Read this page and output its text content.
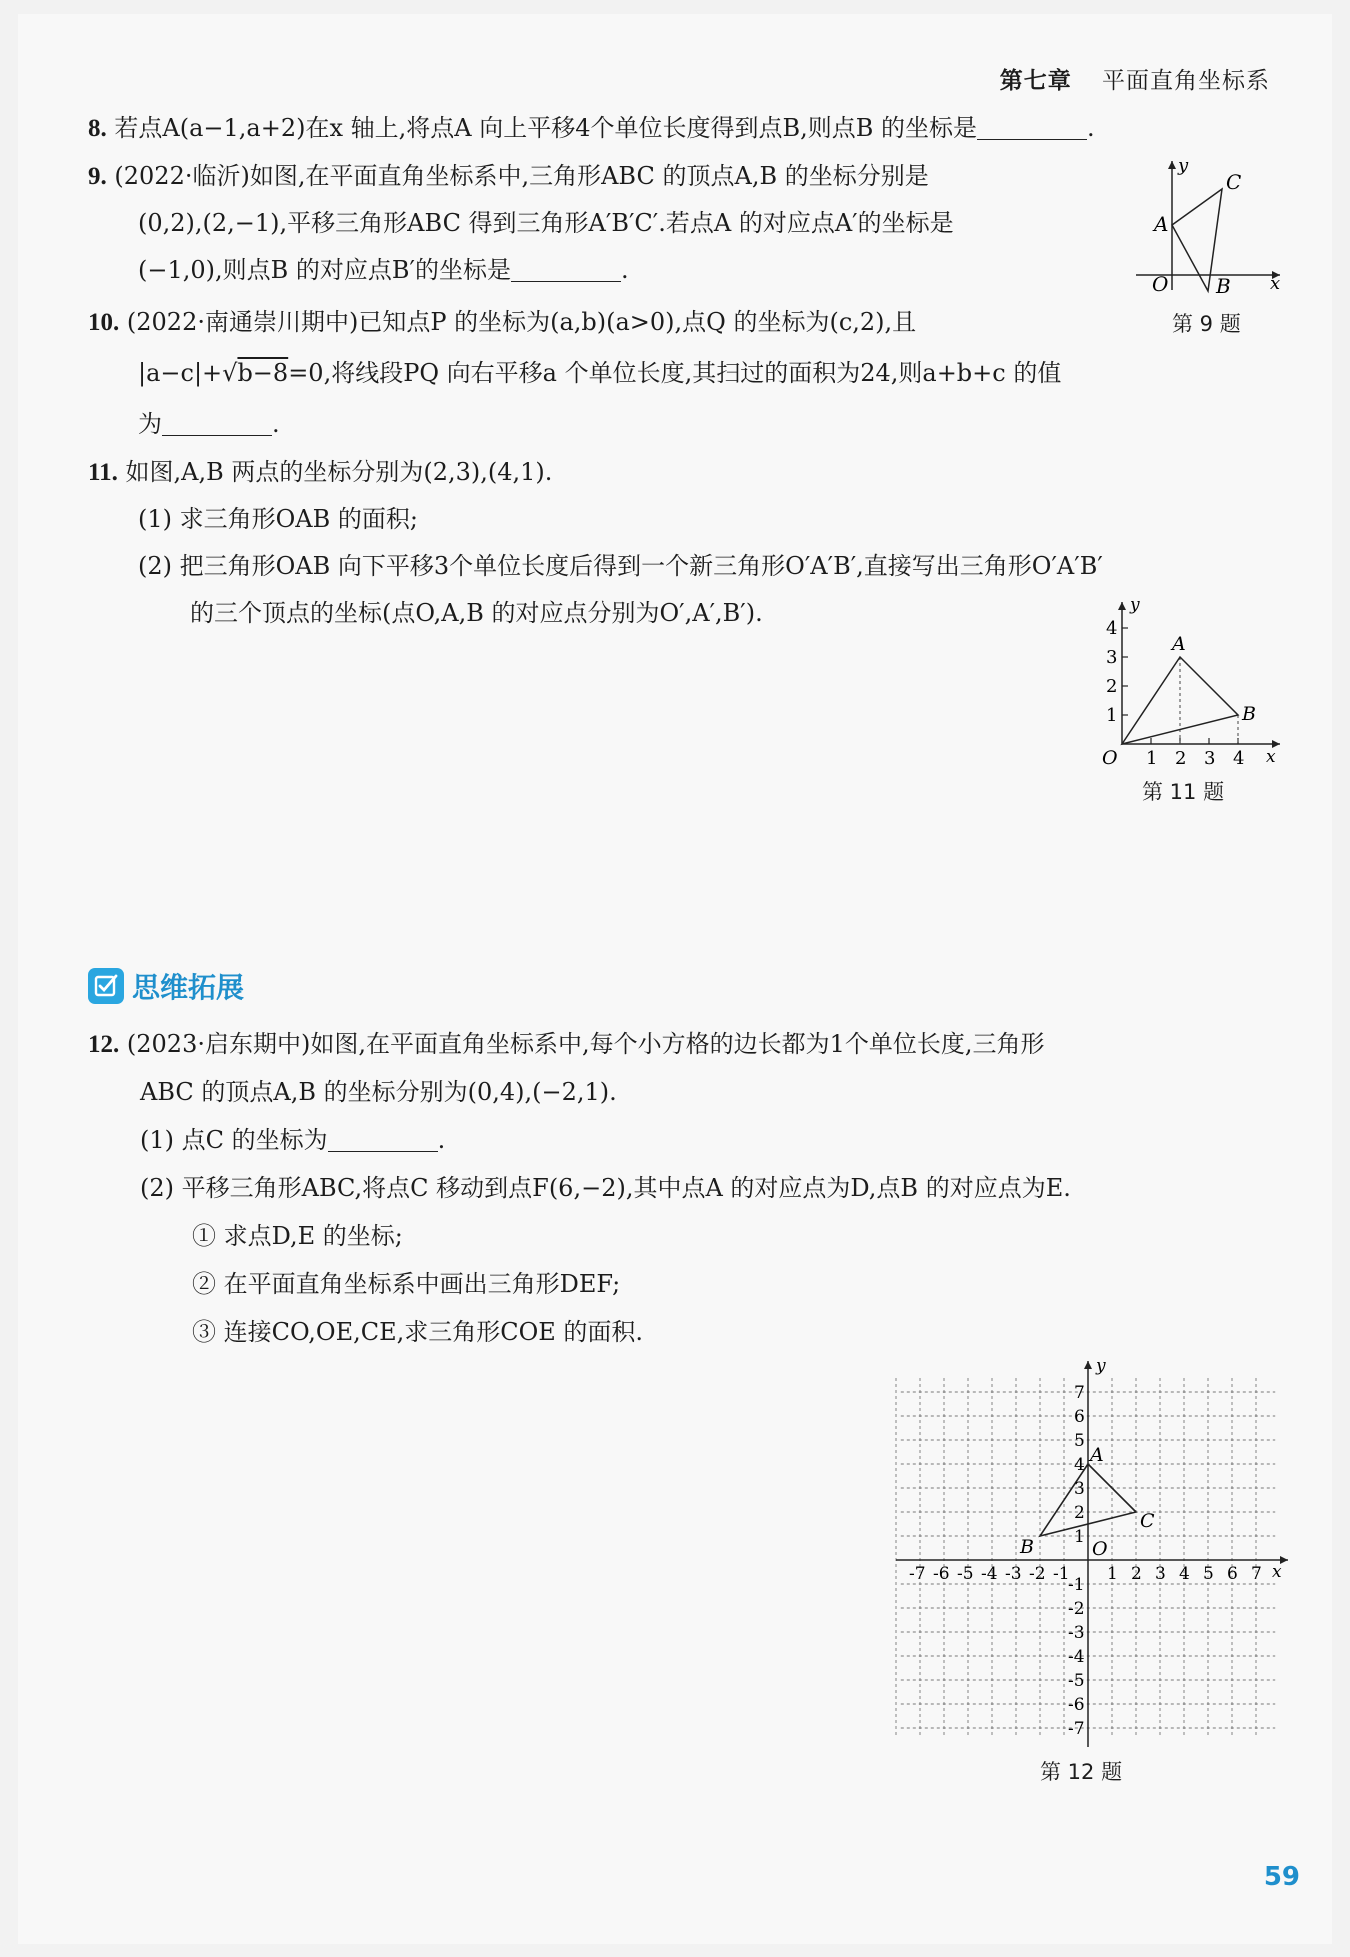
第七章 平面直角坐标系
8. 若点A(a−1,a+2)在x 轴上,将点A 向上平移4个单位长度得到点B,则点B 的坐标是	.
9. (2022·临沂)如图,在平面直角坐标系中,三角形ABC 的顶点A,B 的坐标分别是
(0,2),(2,−1),平移三角形ABC 得到三角形A′B′C′.若点A 的对应点A′的坐标是
(−1,0),则点B 的对应点B′的坐标是	.
A
C
B
O
y
x
第 9 题
10. (2022·南通崇川期中)已知点P 的坐标为(a,b)(a>0),点Q 的坐标为(c,2),且
|a−c|+√b−8=0,将线段PQ 向右平移a 个单位长度,其扫过的面积为24,则a+b+c 的值
为	.
11. 如图,A,B 两点的坐标分别为(2,3),(4,1).
(1) 求三角形OAB 的面积;
(2) 把三角形OAB 向下平移3个单位长度后得到一个新三角形O′A′B′,直接写出三角形O′A′B′
的三个顶点的坐标(点O,A,B 的对应点分别为O′,A′,B′).
1 2 3 4
1
2
3
4
A
B
O
y
x
第 11 题
思维拓展
12. (2023·启东期中)如图,在平面直角坐标系中,每个小方格的边长都为1个单位长度,三角形
ABC 的顶点A,B 的坐标分别为(0,4),(−2,1).
(1) 点C 的坐标为	.
(2) 平移三角形ABC,将点C 移动到点F(6,−2),其中点A 的对应点为D,点B 的对应点为E.
① 求点D,E 的坐标;
② 在平面直角坐标系中画出三角形DEF;
③ 连接CO,OE,CE,求三角形COE 的面积.
-7 -6 -5 -4 -3 -2 -1 1 2 3 4 5 6 7
1
2
3
4
5
6
7
-1
-2
-3
-4
-5
-6
-7
A
B
C
O
y
x
第 12 题
59
